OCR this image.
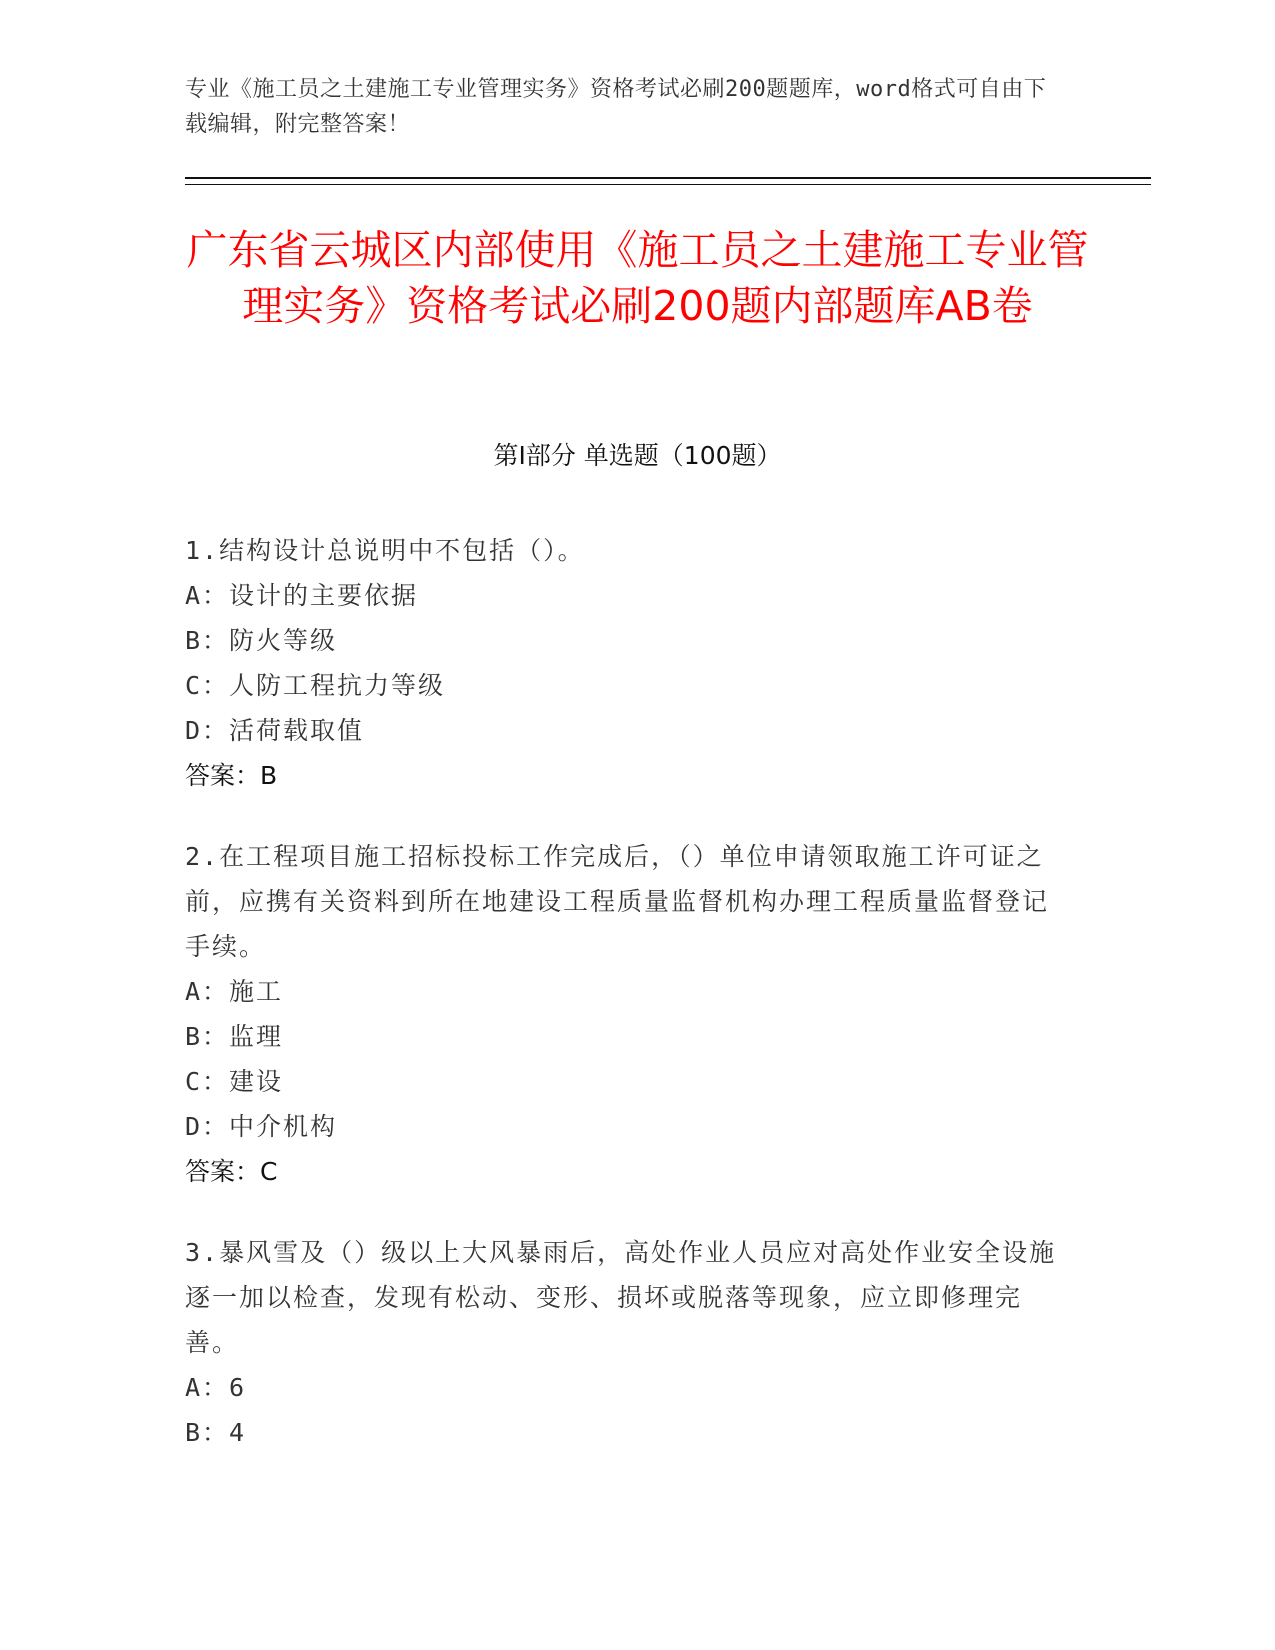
专业《施工员之土建施工专业管理实务》资格考试必刷200题题库，word格式可自由下载编辑，附完整答案！
广东省云城区内部使用《施工员之土建施工专业管理实务》资格考试必刷200题内部题库AB卷
第I部分 单选题（100题）
1.结构设计总说明中不包括（）。
A：设计的主要依据
B：防火等级
C：人防工程抗力等级
D：活荷载取值
答案：B
2.在工程项目施工招标投标工作完成后，（）单位申请领取施工许可证之前，应携有关资料到所在地建设工程质量监督机构办理工程质量监督登记手续。
A：施工
B：监理
C：建设
D：中介机构
答案：C
3.暴风雪及（）级以上大风暴雨后，高处作业人员应对高处作业安全设施逐一加以检查，发现有松动、变形、损坏或脱落等现象，应立即修理完善。
A：6
B：4
